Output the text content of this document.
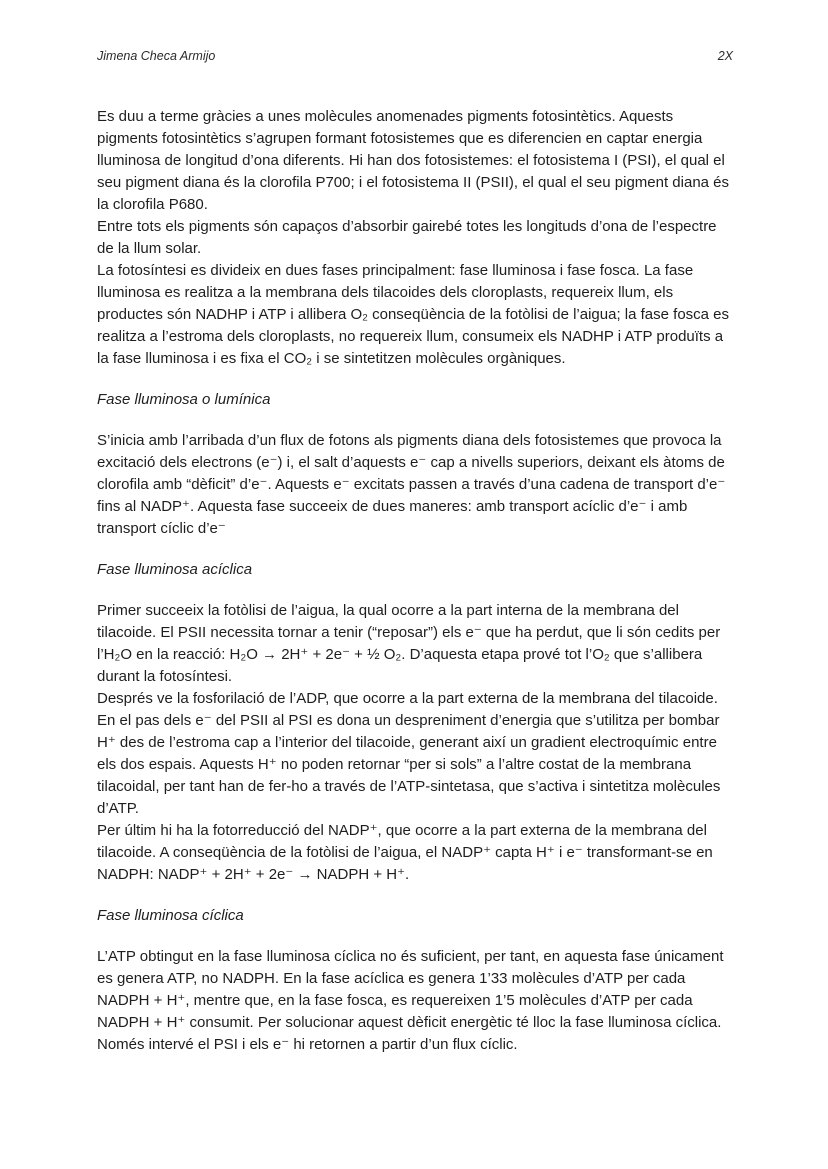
Jimena Checa Armijo	2X

Es duu a terme gràcies a unes molècules anomenades pigments fotosintètics. Aquests pigments fotosintètics s’agrupen formant fotosistemes que es diferencien en captar energia lluminosa de longitud d’ona diferents. Hi han dos fotosistemes: el fotosistema I (PSI), el qual el seu pigment diana és la clorofila P700; i el fotosistema II (PSII), el qual el seu pigment diana és la clorofila P680.

Entre tots els pigments són capaços d’absorbir gairebé totes les longituds d’ona de l’espectre de la llum solar.

La fotosíntesi es divideix en dues fases principalment: fase lluminosa i fase fosca. La fase lluminosa es realitza a la membrana dels tilacoides dels cloroplasts, requereix llum, els productes són NADHP i ATP i allibera O₂ conseqüència de la fotòlisi de l’aigua; la fase fosca es realitza a l’estroma dels cloroplasts, no requereix llum, consumeix els NADHP i ATP produïts a la fase lluminosa i es fixa el CO₂ i se sintetitzen molècules orgàniques.

Fase lluminosa o lumínica

S’inicia amb l’arribada d’un flux de fotons als pigments diana dels fotosistemes que provoca la excitació dels electrons (e⁻) i, el salt d’aquests e⁻ cap a nivells superiors, deixant els àtoms de clorofila amb “dèficit” d’e⁻. Aquests e⁻ excitats passen a través d’una cadena de transport d’e⁻ fins al NADP⁺. Aquesta fase succeeix de dues maneres: amb transport acíclic d’e⁻ i amb transport cíclic d’e⁻

Fase lluminosa acíclica

Primer succeeix la fotòlisi de l’aigua, la qual ocorre a la part interna de la membrana del tilacoide. El PSII necessita tornar a tenir (“reposar”) els e⁻ que ha perdut, que li són cedits per l’H₂O en la reacció: H₂O → 2H⁺ + 2e⁻ + ½ O₂. D’aquesta etapa prové tot l’O₂ que s’allibera durant la fotosíntesi.

Després ve la fosforilació de l’ADP, que ocorre a la part externa de la membrana del tilacoide. En el pas dels e⁻ del PSII al PSI es dona un despreniment d’energia que s’utilitza per bombar H⁺ des de l’estroma cap a l’interior del tilacoide, generant així un gradient electroquímic entre els dos espais. Aquests H⁺ no poden retornar “per si sols” a l’altre costat de la membrana tilacoidal, per tant han de fer-ho a través de l’ATP-sintetasa, que s’activa i sintetitza molècules d’ATP.

Per últim hi ha la fotorreducció del NADP⁺, que ocorre a la part externa de la membrana del tilacoide. A conseqüència de la fotòlisi de l’aigua, el NADP⁺ capta H⁺ i e⁻ transformant-se en NADPH: NADP⁺ + 2H⁺ + 2e⁻ → NADPH + H⁺.

Fase lluminosa cíclica

L’ATP obtingut en la fase lluminosa cíclica no és suficient, per tant, en aquesta fase únicament es genera ATP, no NADPH. En la fase acíclica es genera 1’33 molècules d’ATP per cada NADPH + H⁺, mentre que, en la fase fosca, es requereixen 1’5 molècules d’ATP per cada NADPH + H⁺ consumit. Per solucionar aquest dèficit energètic té lloc la fase lluminosa cíclica. Només intervé el PSI i els e⁻ hi retornen a partir d’un flux cíclic.
